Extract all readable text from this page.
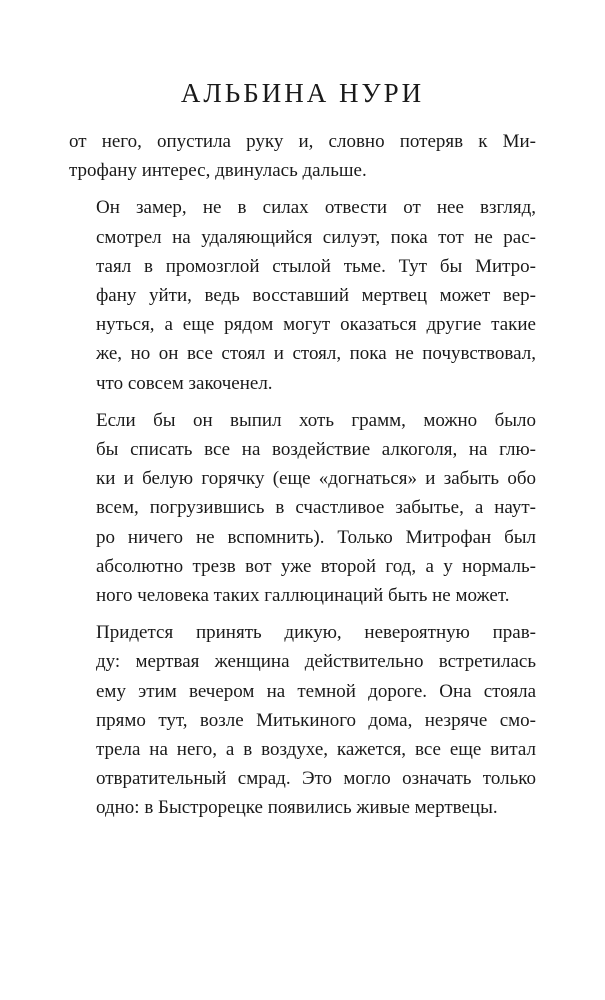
АЛЬБИНА НУРИ

от него, опустила руку и, словно потеряв к Ми-
трофану интерес, двинулась дальше.

Он замер, не в силах отвести от нее взгляд,
смотрел на удаляющийся силуэт, пока тот не рас-
таял в промозглой стылой тьме. Тут бы Митро-
фану уйти, ведь восставший мертвец может вер-
нуться, а еще рядом могут оказаться другие такие
же, но он все стоял и стоял, пока не почувствовал,
что совсем закоченел.

Если бы он выпил хоть грамм, можно было
бы списать все на воздействие алкоголя, на глю-
ки и белую горячку (еще «догнаться» и забыть обо
всем, погрузившись в счастливое забытье, а наут-
ро ничего не вспомнить). Только Митрофан был
абсолютно трезв вот уже второй год, а у нормаль-
ного человека таких галлюцинаций быть не может.

Придется принять дикую, невероятную прав-
ду: мертвая женщина действительно встретилась
ему этим вечером на темной дороге. Она стояла
прямо тут, возле Митькиного дома, незряче смо-
трела на него, а в воздухе, кажется, все еще витал
отвратительный смрад. Это могло означать только
одно: в Быстрорецке появились живые мертвецы.
